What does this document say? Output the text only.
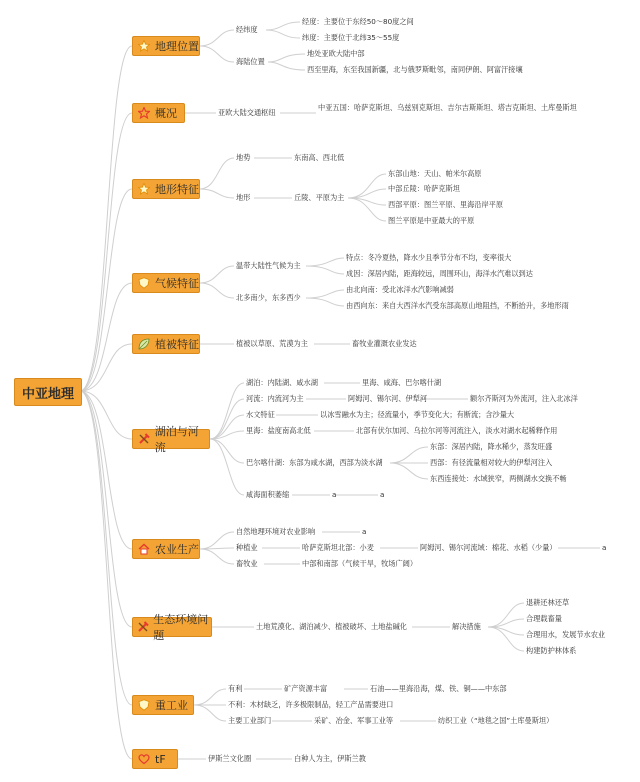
中亚地理
地理位置
概况
地形特征
气候特征
植被特征
湖泊与河流
农业生产
生态环境问题
重工业
tF
经纬度
经度：主要位于东经50～80度之间
纬度：主要位于北纬35～55度
海陆位置
地处亚欧大陆中部
西至里海，东至我国新疆，北与俄罗斯毗邻，南同伊朗、阿富汗接壤
亚欧大陆交通枢纽
中亚五国：哈萨克斯坦、乌兹别克斯坦、吉尔吉斯斯坦、塔吉克斯坦、土库曼斯坦
地势	东南高、西北低
地形	丘陵、平原为主
东部山地：天山、帕米尔高原
中部丘陵：哈萨克斯坦
西部平原：图兰平原、里海沿岸平原
图兰平原是中亚最大的平原
温带大陆性气候为主
特点：冬冷夏热，降水少且季节分布不均，变率很大
成因：深居内陆，距海较远，周围环山，海洋水汽难以到达
北多南少，东多西少
由北向南：受北冰洋水汽影响减弱
由西向东：来自大西洋水汽受东部高原山地阻挡，不断抬升，多地形雨
植被以草原、荒漠为主	畜牧业灌溉农业发达
湖泊：内陆湖、咸水湖	里海、咸海、巴尔喀什湖
河流：内流河为主	阿姆河、锡尔河、伊犁河	额尔齐斯河为外流河，注入北冰洋
水文特征	以冰雪融水为主；径流量小，季节变化大；有断流；含沙量大
里海：盐度南高北低	北部有伏尔加河、乌拉尔河等河流注入，淡水对湖水起稀释作用
巴尔喀什湖：东部为咸水湖，西部为淡水湖
东部：深居内陆，降水稀少，蒸发旺盛
西部：有径流量相对较大的伊犁河注入
东西连接处：水域狭窄，两侧湖水交换不畅
咸海面积萎缩	a	a
自然地理环境对农业影响	a
种植业	哈萨克斯坦北部：小麦	阿姆河、锡尔河流域：棉花、水稻（少量）	a
畜牧业	中部和南部（气候干旱，牧场广阔）
土地荒漠化、湖泊减少、植被破坏、土地盐碱化	解决措施
退耕还林还草
合理载畜量
合理用水，发展节水农业
构建防护林体系
有利	矿产资源丰富	石油——里海沿海，煤、铁、铜——中东部
不利：木材缺乏，许多极限制品，轻工产品需要进口
主要工业部门	采矿、冶金、军事工业等	纺织工业（“地毯之国”土库曼斯坦）
伊斯兰文化圈	白种人为主，伊斯兰教
